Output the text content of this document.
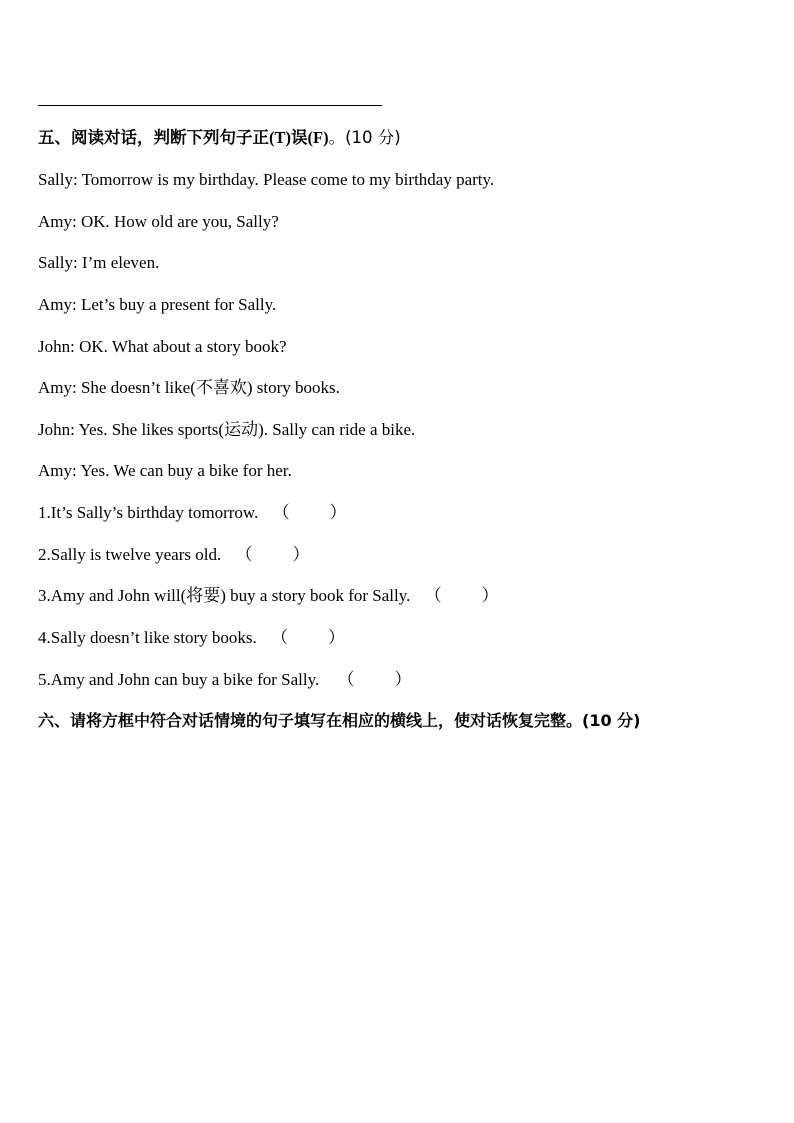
五、阅读对话，判断下列句子正(T)误(F)。(10 分)
Sally: Tomorrow is my birthday. Please come to my birthday party.
Amy: OK. How old are you, Sally?
Sally: I’m eleven.
Amy: Let’s buy a present for Sally.
John: OK. What about a story book?
Amy: She doesn’t like(不喜欢) story books.
John: Yes. She likes sports(运动). Sally can ride a bike.
Amy: Yes. We can buy a bike for her.
1.It’s Sally’s birthday tomorrow. （ ）
2.Sally is twelve years old. （ ）
3.Amy and John will(将要) buy a story book for Sally. （ ）
4.Sally doesn’t like story books. （ ）
5.Amy and John can buy a bike for Sally. （ ）
六、请将方框中符合对话情境的句子填写在相应的横线上，使对话恢复完整。(10 分)
